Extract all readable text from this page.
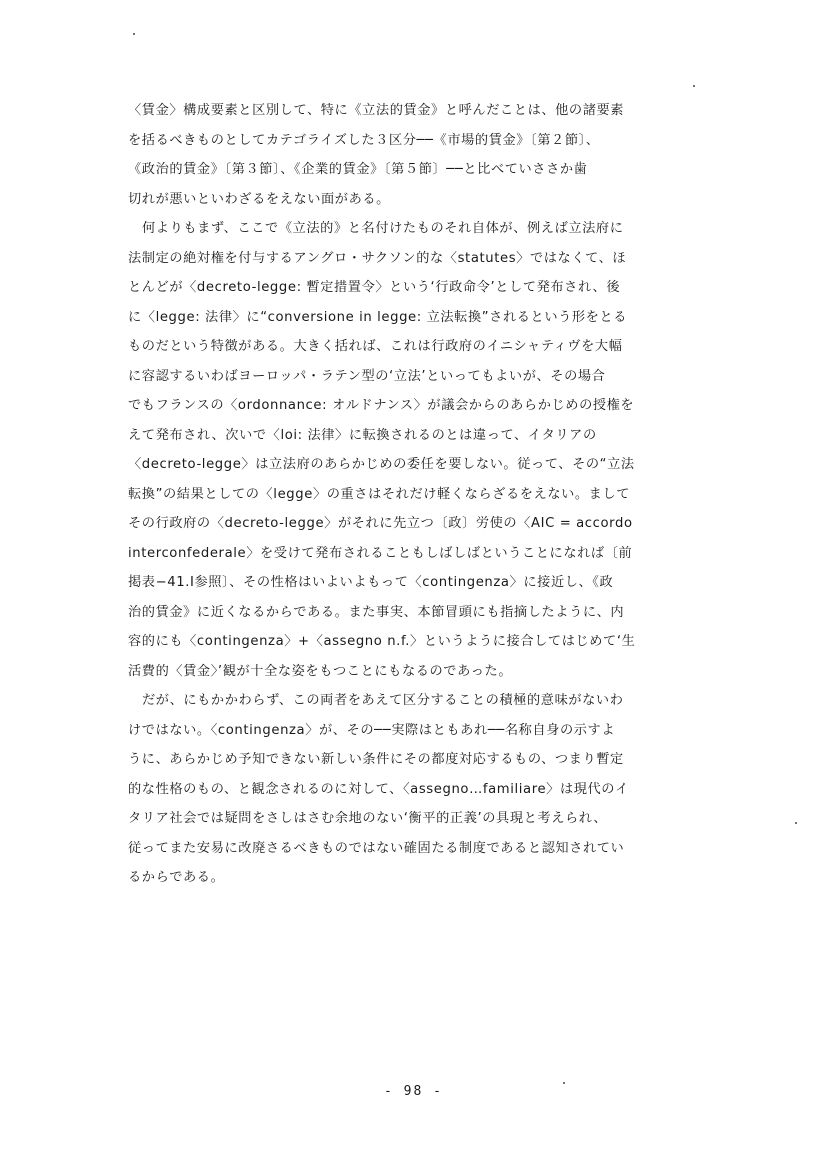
〈賃金〉構成要素と区別して、特に《立法的賃金》と呼んだことは、他の諸要素
を括るべきものとしてカテゴライズした３区分──《市場的賃金》〔第２節〕、
《政治的賃金》〔第３節〕、《企業的賃金》〔第５節〕──と比べていささか歯
切れが悪いといわざるをえない面がある。
何よりもまず、ここで《立法的》と名付けたものそれ自体が、例えば立法府に
法制定の絶対権を付与するアングロ・サクソン的な〈statutes〉ではなくて、ほ
とんどが〈decreto-legge: 暫定措置令〉という‘行政命令’として発布され、後
に〈legge: 法律〉に“conversione in legge: 立法転換”されるという形をとる
ものだという特徴がある。大きく括れば、これは行政府のイニシャティヴを大幅
に容認するいわばヨーロッパ・ラテン型の‘立法’といってもよいが、その場合
でもフランスの〈ordonnance: オルドナンス〉が議会からのあらかじめの授権を
えて発布され、次いで〈loi: 法律〉に転換されるのとは違って、イタリアの
〈decreto-legge〉は立法府のあらかじめの委任を要しない。従って、その“立法
転換”の結果としての〈legge〉の重さはそれだけ軽くならざるをえない。まして
その行政府の〈decreto-legge〉がそれに先立つ〔政〕労使の〈AIC = accordo
interconfederale〉を受けて発布されることもしばしばということになれば〔前
掲表−41.Ⅰ参照〕、その性格はいよいよもって〈contingenza〉に接近し、《政
治的賃金》に近くなるからである。また事実、本節冒頭にも指摘したように、内
容的にも〈contingenza〉+〈assegno n.f.〉というように接合してはじめて‘生
活費的〈賃金〉’観が十全な姿をもつことにもなるのであった。
だが、にもかかわらず、この両者をあえて区分することの積極的意味がないわ
けではない。〈contingenza〉が、その──実際はともあれ──名称自身の示すよ
うに、あらかじめ予知できない新しい条件にその都度対応するもの、つまり暫定
的な性格のもの、と観念されるのに対して、〈assegno…familiare〉は現代のイ
タリア社会では疑問をさしはさむ余地のない‘衡平的正義’の具現と考えられ、
従ってまた安易に改廃さるべきものではない確固たる制度であると認知されてい
るからである。
- 98 -
